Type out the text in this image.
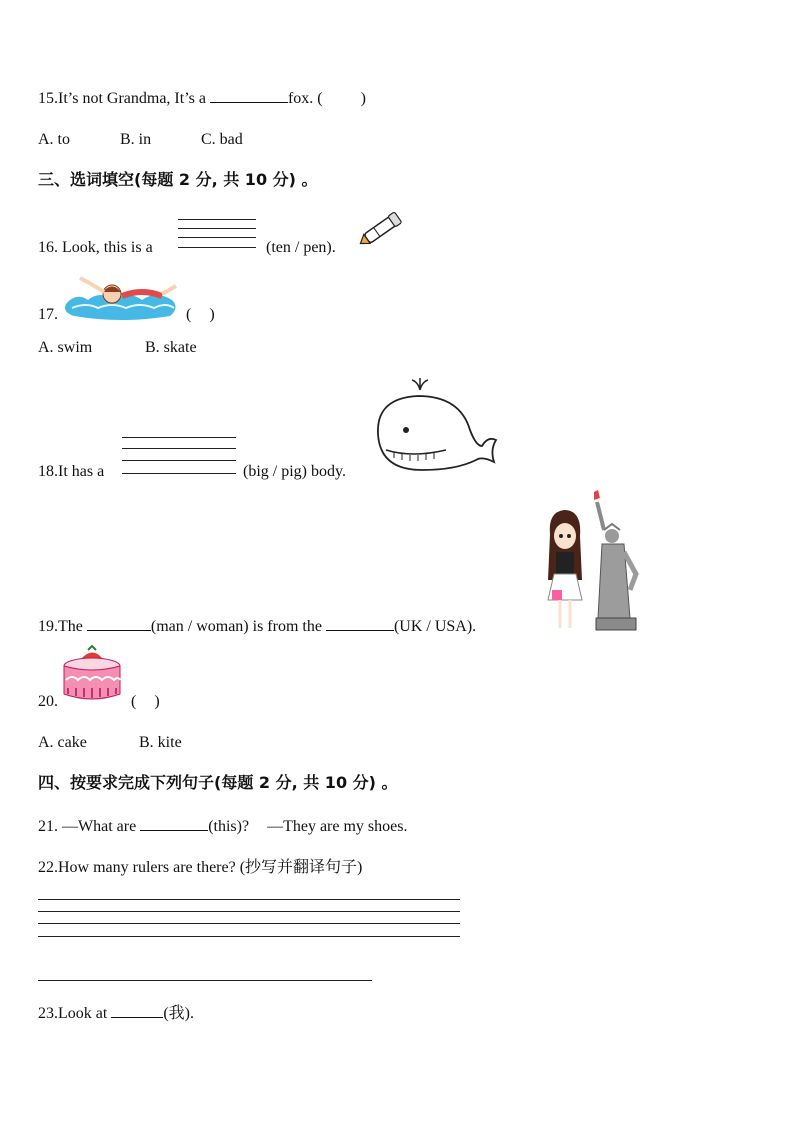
15.It’s not Grandma, It’s a	fox. ( )
A. to	B. in	C. bad
三、选词填空(每题 2 分, 共 10 分) 。
16. Look, this is a	(ten / pen).
17.	( )
A. swim	B. skate
18.It has a	(big / pig) body.
19.The	(man / woman) is from the	(UK / USA).
20.	( )
A. cake	B. kite
四、按要求完成下列句子(每题 2 分, 共 10 分) 。
21. —What are	(this)? —They are my shoes.
22.How many rulers are there? (抄写并翻译句子)
23.Look at	(我).
